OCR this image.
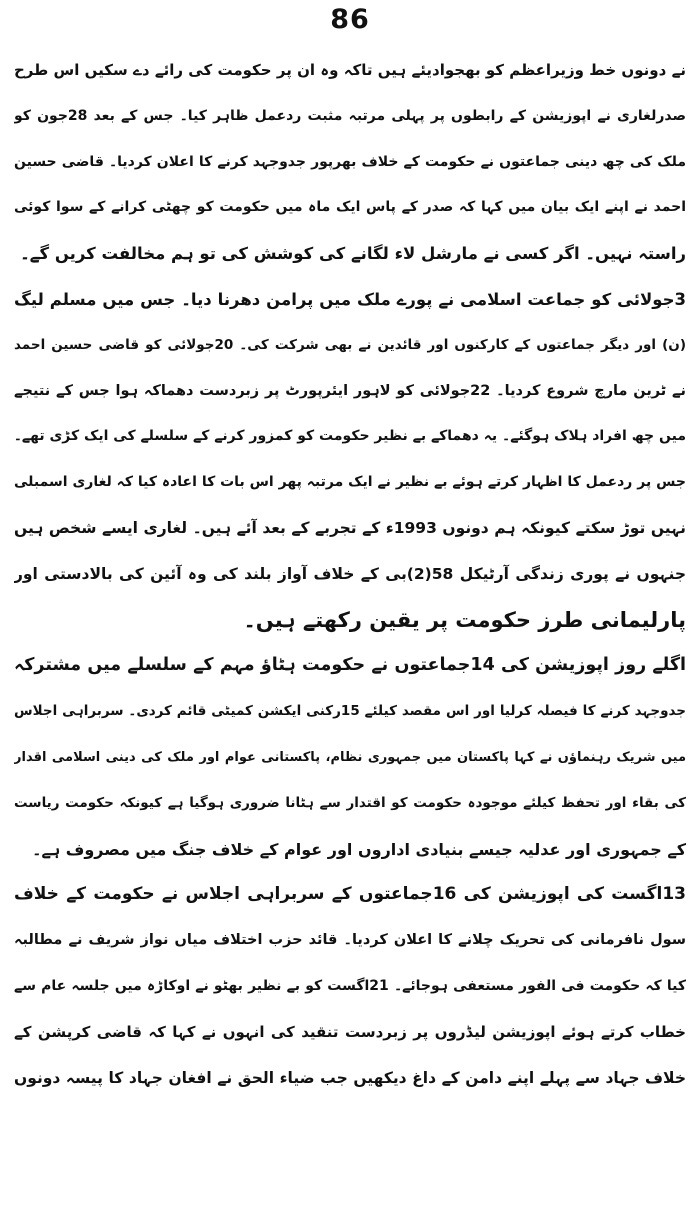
86
نے دونوں خط وزیراعظم کو بھجوادیئے ہیں تاکہ وہ ان پر حکومت کی رائے دے سکیں اس طرح
صدرلغاری نے اپوزیشن کے رابطوں پر پہلی مرتبہ مثبت ردعمل ظاہر کیا۔ جس کے بعد 28جون کو
ملک کی چھ دینی جماعتوں نے حکومت کے خلاف بھرپور جدوجہد کرنے کا اعلان کردیا۔ قاضی حسین
احمد نے اپنے ایک بیان میں کہا کہ صدر کے پاس ایک ماہ میں حکومت کو چھٹی کرانے کے سوا کوئی
راستہ نہیں۔ اگر کسی نے مارشل لاء لگانے کی کوشش کی تو ہم مخالفت کریں گے۔
3جولائی کو جماعت اسلامی نے پورے ملک میں پرامن دھرنا دیا۔ جس میں مسلم لیگ
(ن) اور دیگر جماعتوں کے کارکنوں اور قائدین نے بھی شرکت کی۔ 20جولائی کو قاضی حسین احمد
نے ٹرین مارچ شروع کردیا۔ 22جولائی کو لاہور ایئرپورٹ پر زبردست دھماکہ ہوا جس کے نتیجے
میں چھ افراد ہلاک ہوگئے۔ یہ دھماکے بے نظیر حکومت کو کمزور کرنے کے سلسلے کی ایک کڑی تھے۔
جس پر ردعمل کا اظہار کرتے ہوئے بے نظیر نے ایک مرتبہ پھر اس بات کا اعادہ کیا کہ لغاری اسمبلی
نہیں توڑ سکتے کیونکہ ہم دونوں 1993ء کے تجربے کے بعد آئے ہیں۔ لغاری ایسے شخص ہیں
جنہوں نے پوری زندگی آرٹیکل 58(2)بی کے خلاف آواز بلند کی وہ آئین کی بالادستی اور
پارلیمانی طرز حکومت پر یقین رکھتے ہیں۔
اگلے روز اپوزیشن کی 14جماعتوں نے حکومت ہٹاؤ مہم کے سلسلے میں مشترکہ
جدوجہد کرنے کا فیصلہ کرلیا اور اس مقصد کیلئے 15رکنی ایکشن کمیٹی قائم کردی۔ سربراہی اجلاس
میں شریک رہنماؤں نے کہا پاکستان میں جمہوری نظام، پاکستانی عوام اور ملک کی دینی اسلامی اقدار
کی بقاء اور تحفظ کیلئے موجودہ حکومت کو اقتدار سے ہٹانا ضروری ہوگیا ہے کیونکہ حکومت ریاست
کے جمہوری اور عدلیہ جیسے بنیادی اداروں اور عوام کے خلاف جنگ میں مصروف ہے۔
13اگست کی اپوزیشن کی 16جماعتوں کے سربراہی اجلاس نے حکومت کے خلاف
سول نافرمانی کی تحریک چلانے کا اعلان کردیا۔ قائد حزب اختلاف میاں نواز شریف نے مطالبہ
کیا کہ حکومت فی الفور مستعفی ہوجائے۔ 21اگست کو بے نظیر بھٹو نے اوکاڑہ میں جلسہ عام سے
خطاب کرتے ہوئے اپوزیشن لیڈروں پر زبردست تنقید کی انہوں نے کہا کہ قاضی کرپشن کے
خلاف جہاد سے پہلے اپنے دامن کے داغ دیکھیں جب ضیاء الحق نے افغان جہاد کا پیسہ دونوں
